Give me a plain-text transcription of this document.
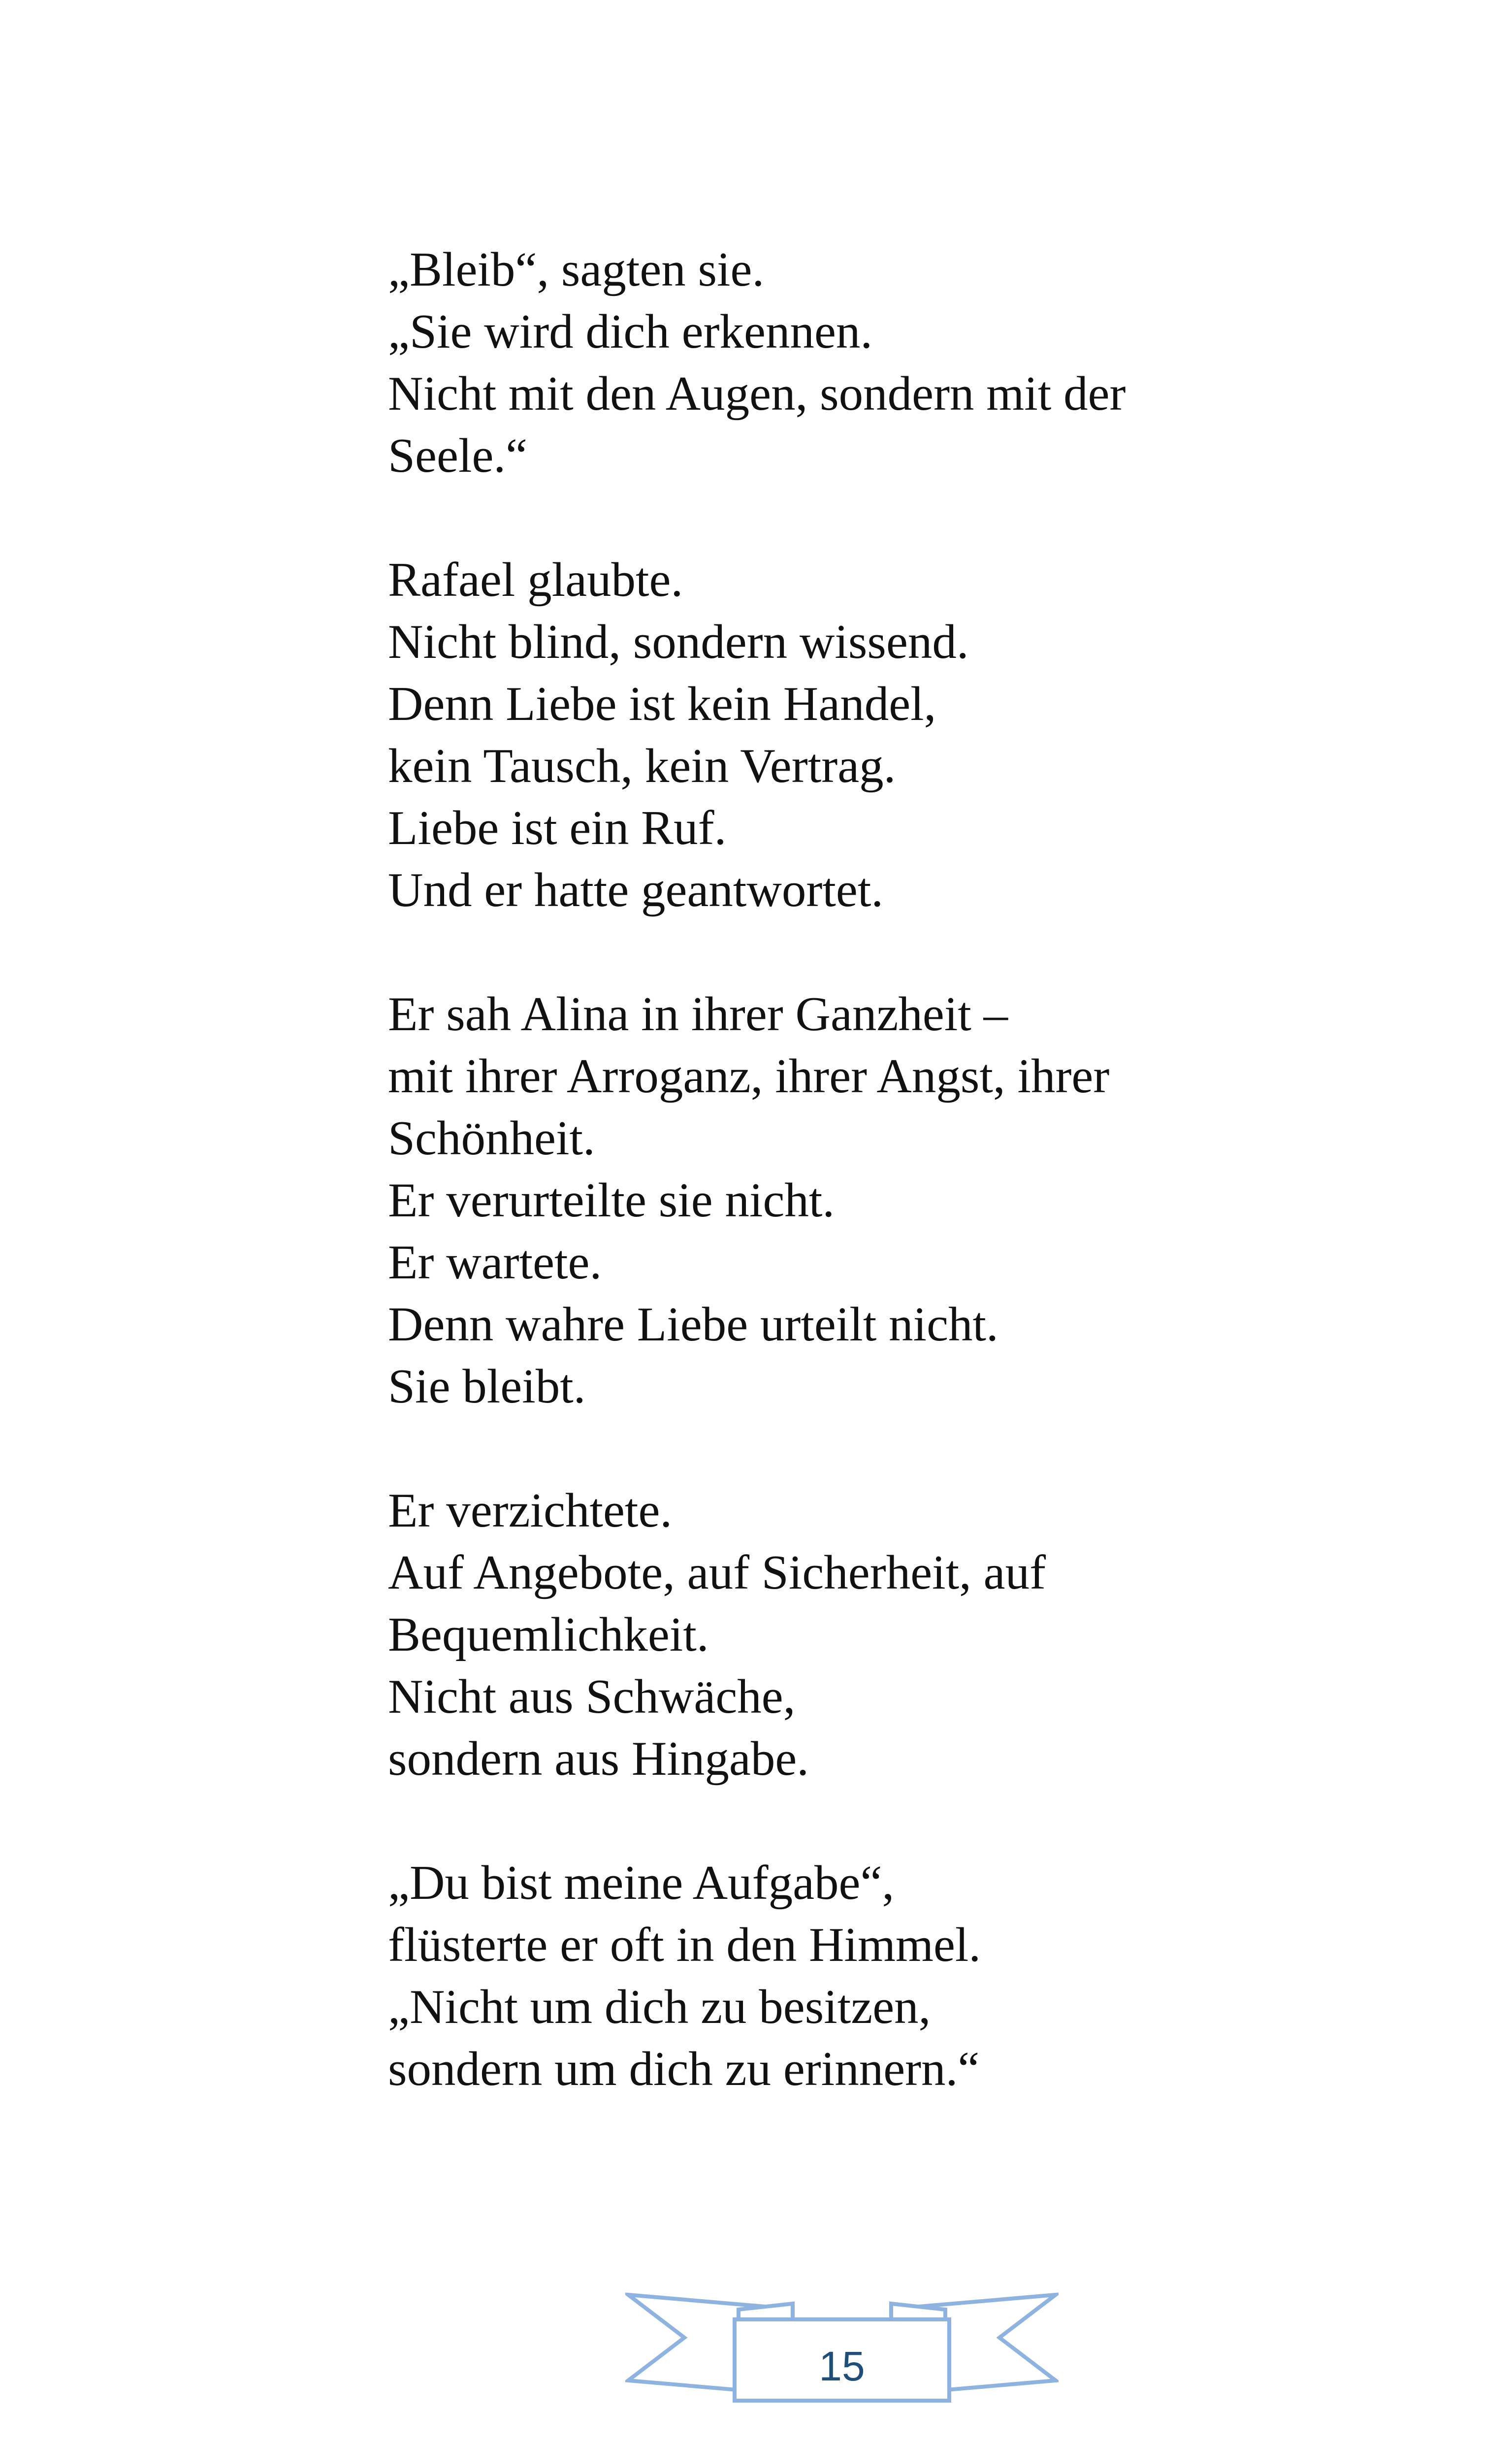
„Bleib“, sagten sie.
„Sie wird dich erkennen.
Nicht mit den Augen, sondern mit der
Seele.“
Rafael glaubte.
Nicht blind, sondern wissend.
Denn Liebe ist kein Handel,
kein Tausch, kein Vertrag.
Liebe ist ein Ruf.
Und er hatte geantwortet.
Er sah Alina in ihrer Ganzheit –
mit ihrer Arroganz, ihrer Angst, ihrer
Schönheit.
Er verurteilte sie nicht.
Er wartete.
Denn wahre Liebe urteilt nicht.
Sie bleibt.
Er verzichtete.
Auf Angebote, auf Sicherheit, auf
Bequemlichkeit.
Nicht aus Schwäche,
sondern aus Hingabe.
„Du bist meine Aufgabe“,
flüsterte er oft in den Himmel.
„Nicht um dich zu besitzen,
sondern um dich zu erinnern.“
15
